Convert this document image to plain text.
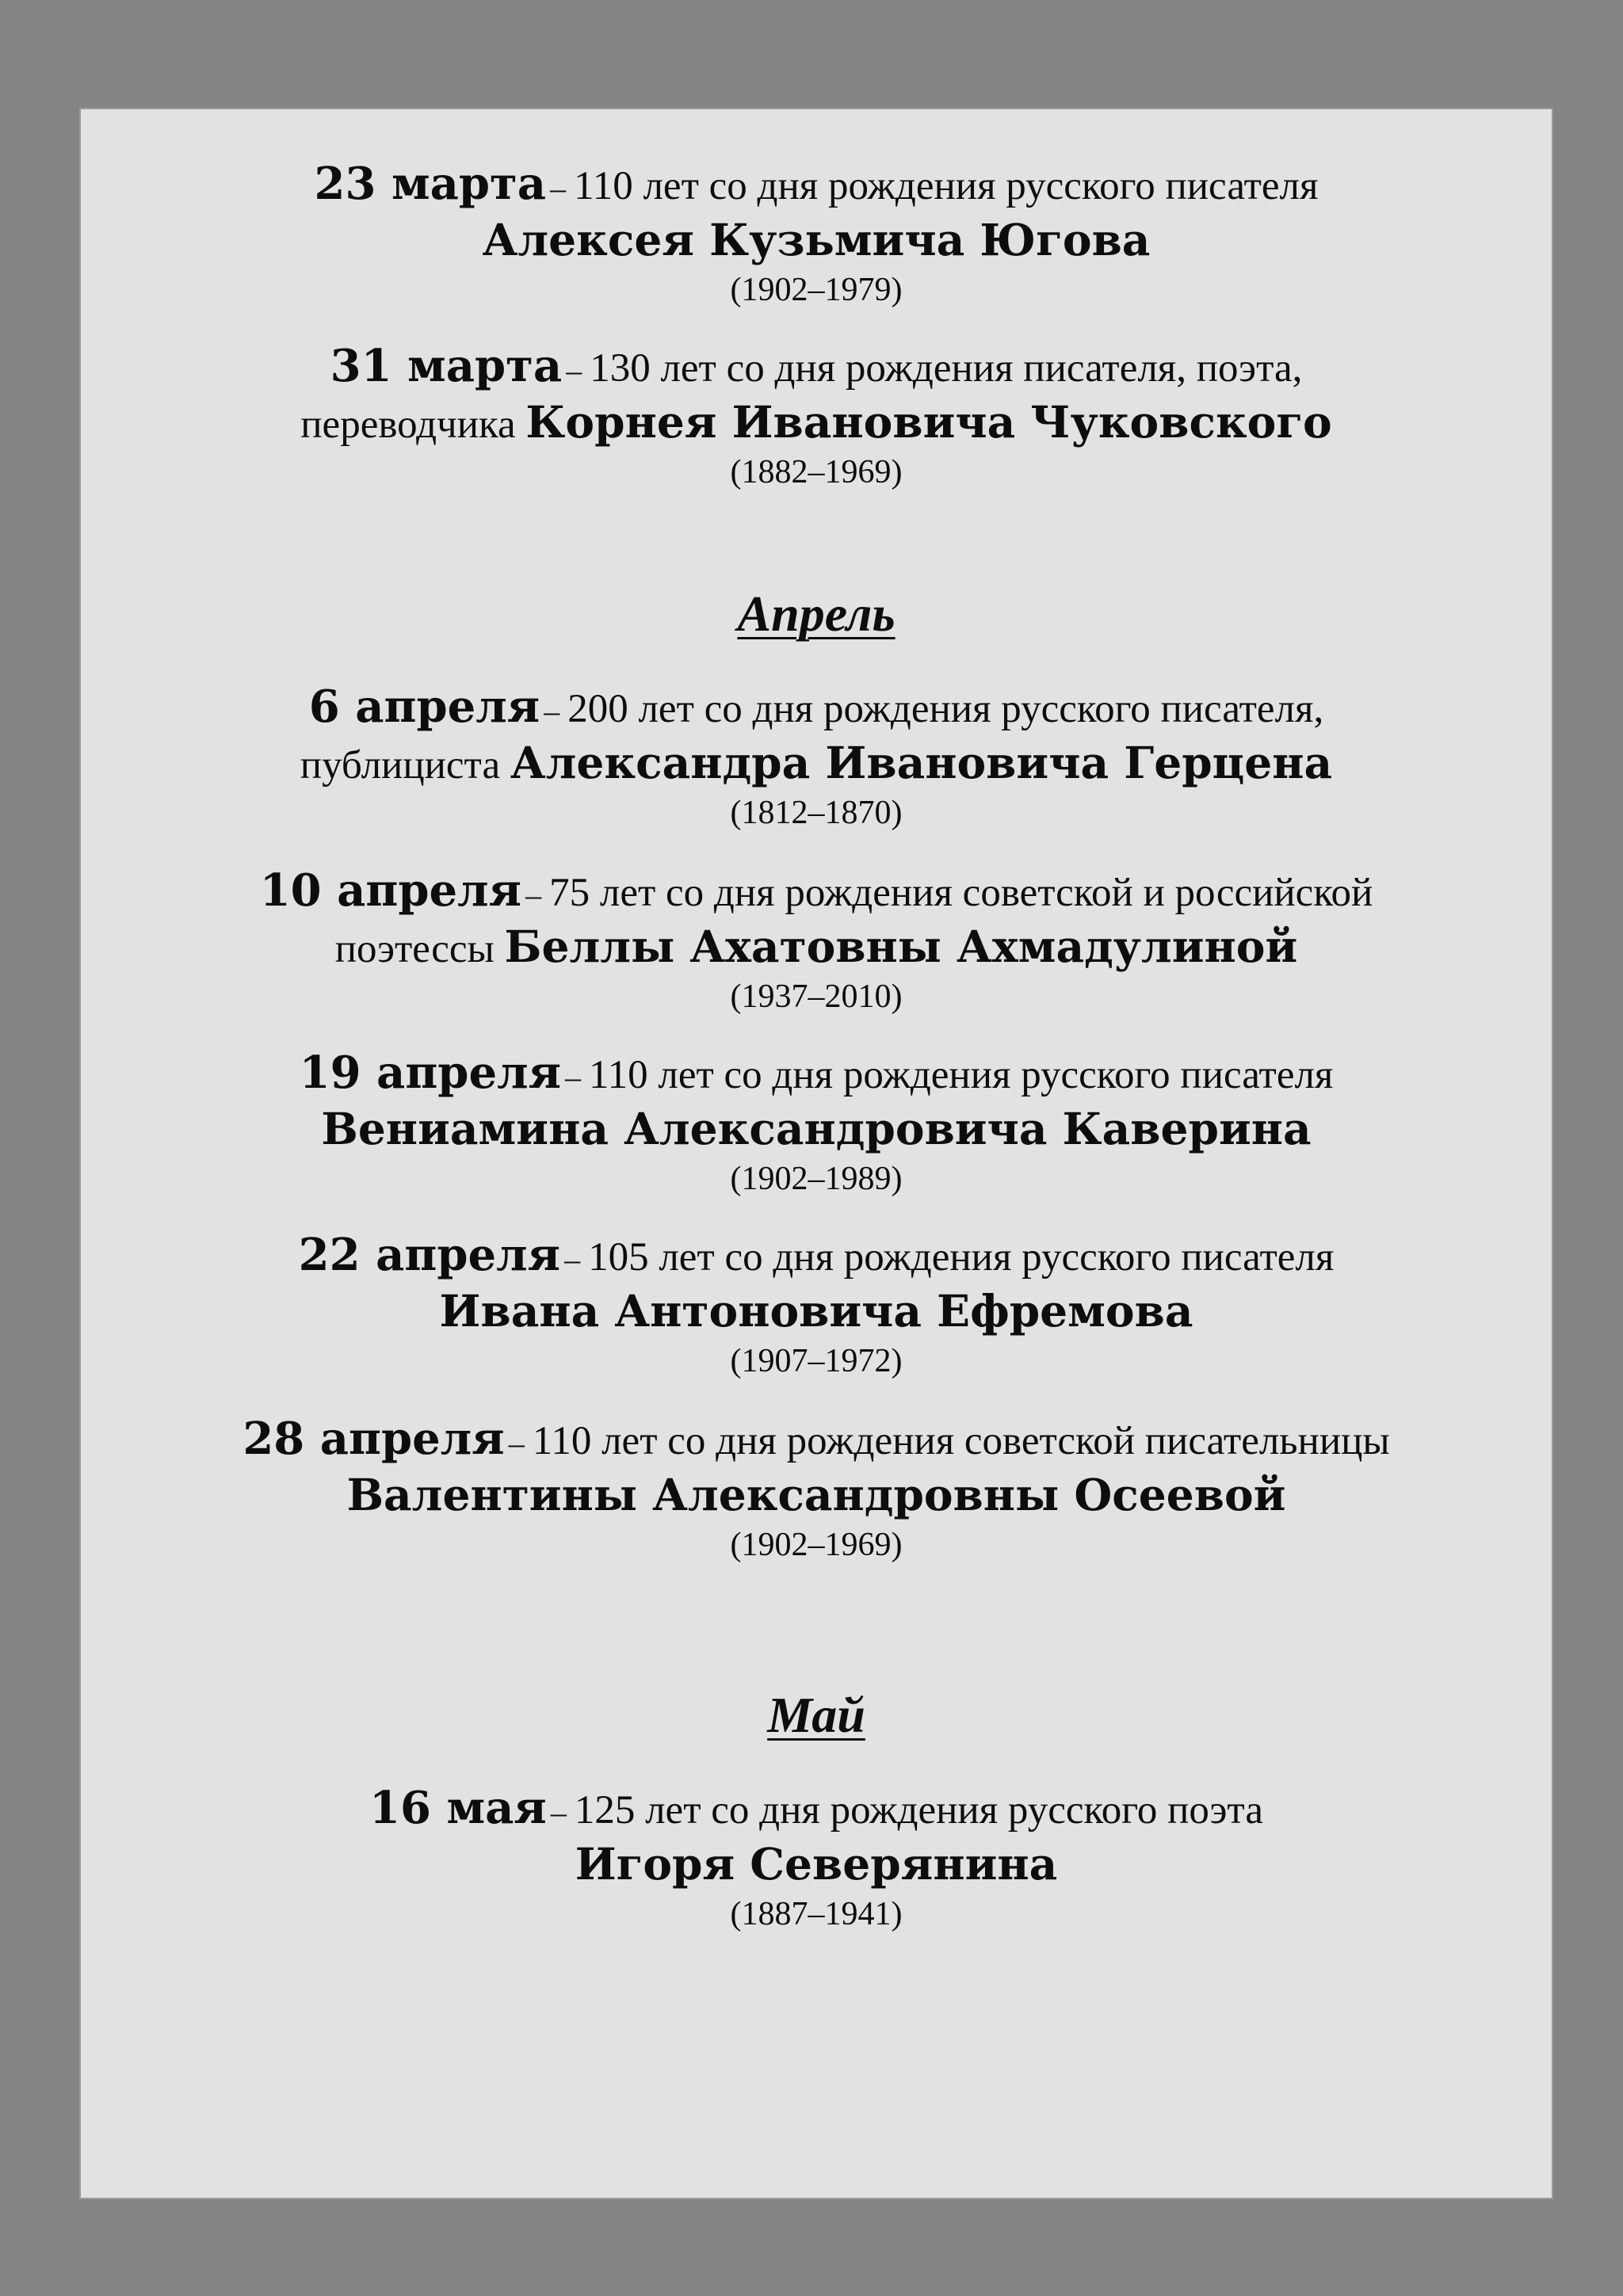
23 марта – 110 лет со дня рождения русского писателя
Алексея Кузьмича Югова
(1902–1979)
31 марта – 130 лет со дня рождения писателя, поэта,
переводчика Корнея Ивановича Чуковского
(1882–1969)
Апрель
6 апреля – 200 лет со дня рождения русского писателя,
публициста Александра Ивановича Герцена
(1812–1870)
10 апреля – 75 лет со дня рождения советской и российской
поэтессы Беллы Ахатовны Ахмадулиной
(1937–2010)
19 апреля – 110 лет со дня рождения русского писателя
Вениамина Александровича Каверина
(1902–1989)
22 апреля – 105 лет со дня рождения русского писателя
Ивана Антоновича Ефремова
(1907–1972)
28 апреля – 110 лет со дня рождения советской писательницы
Валентины Александровны Осеевой
(1902–1969)
Май
16 мая – 125 лет со дня рождения русского поэта
Игоря Северянина
(1887–1941)
